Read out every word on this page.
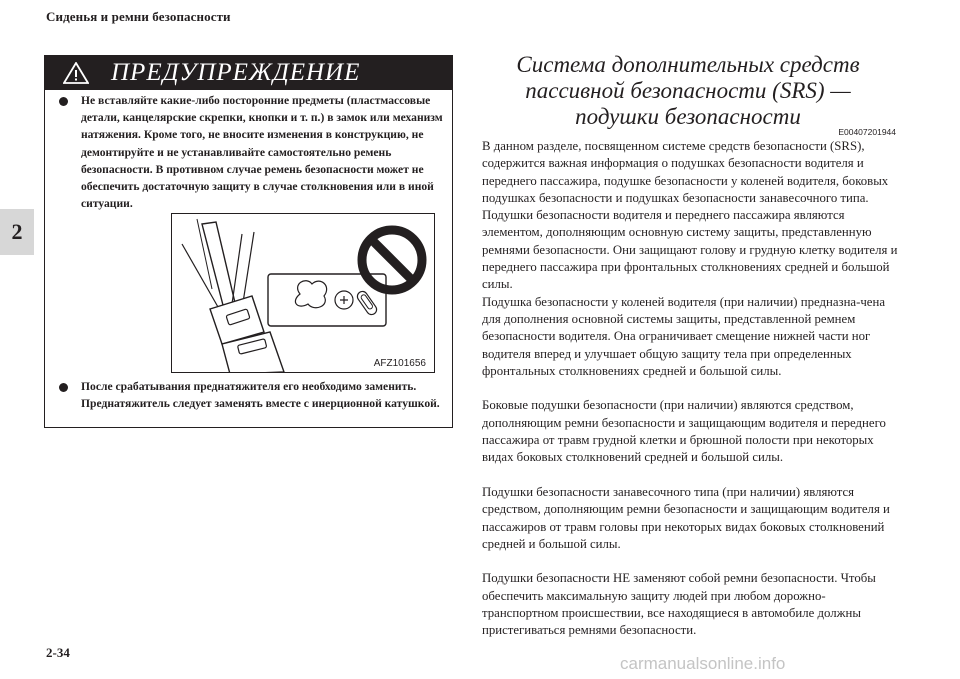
Сиденья и ремни безопасности
2
ПРЕДУПРЕЖДЕНИЕ
Не вставляйте какие-либо посторонние предметы (пластмассовые детали, канцелярские скрепки, кнопки и т. п.) в замок или механизм натяжения. Кроме того, не вносите изменения в конструкцию, не демонтируйте и не устанавливайте самостоятельно ремень безопасности. В противном случае ремень безопасности может не обеспечить достаточную защиту в случае столкновения или в иной ситуации.
AFZ101656
После срабатывания преднатяжителя его необходимо заменить. Преднатяжитель следует заменять вместе с инерционной катушкой.
Система дополнительных средств
пассивной безопасности (SRS) —
подушки безопасности
E00407201944

В данном разделе, посвященном системе средств безопасности (SRS), содержится важная информация о подушках безопасности водителя и переднего пассажира, подушке безопасности у коленей водителя, боковых подушках безопасности и подушках безопасности занавесочного типа.

Подушки безопасности водителя и переднего пассажира являются элементом, дополняющим основную систему защиты, представленную ремнями безопасности. Они защищают голову и грудную клетку водителя и переднего пассажира при фронтальных столкновениях средней и большой силы.

Подушка безопасности у коленей водителя (при наличии) предназна-чена для дополнения основной системы защиты, представленной ремнем безопасности водителя. Она ограничивает смещение нижней части ног водителя вперед и улучшает общую защиту тела при определенных фронтальных столкновениях средней и большой силы.

Боковые подушки безопасности (при наличии) являются средством, дополняющим ремни безопасности и защищающим водителя и переднего пассажира от травм грудной клетки и брюшной полости при некоторых видах боковых столкновений средней и большой силы.

Подушки безопасности занавесочного типа (при наличии) являются средством, дополняющим ремни безопасности и защищающим водителя и пассажиров от травм головы при некоторых видах боковых столкновений средней и большой силы.

Подушки безопасности НЕ заменяют собой ремни безопасности. Чтобы обеспечить максимальную защиту людей при любом дорожно-транспортном происшествии, все находящиеся в автомобиле должны пристегиваться ремнями безопасности.

2-34
carmanualsonline.info
